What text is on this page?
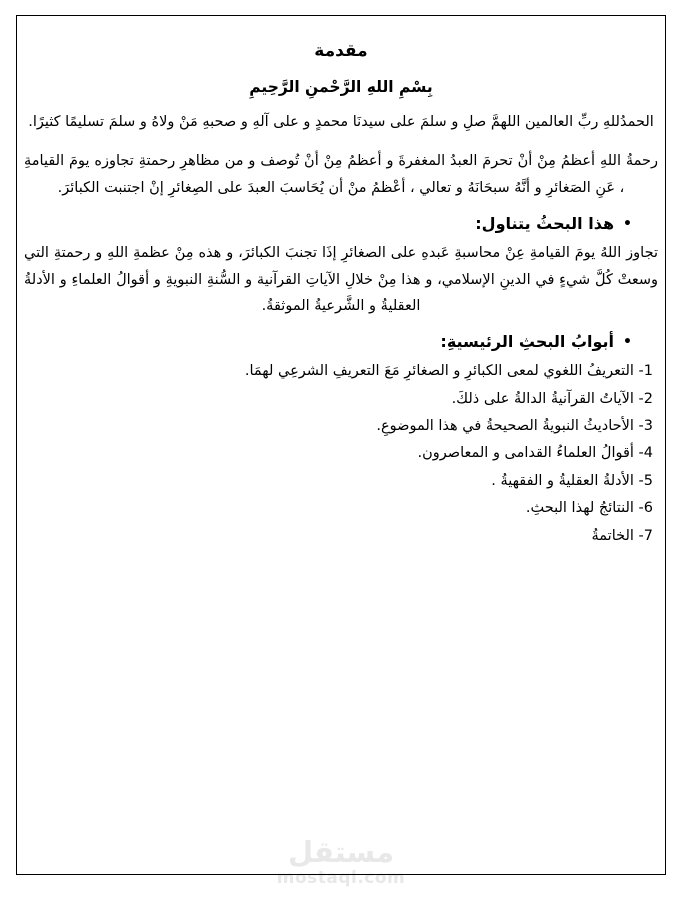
مستقل
mostaql.com
مقدمة
بِسْمِ اللهِ الرَّحْمنِ الرَّحِيمِ

الحمدُللهِ ربِّ العالمين اللهمَّ صلِ و سلمَ على سيدنَا محمدٍ و على آلهِ و صحبهِ مَنْ ولاهُ و سلمَ تسليمًا كثيرًا.

رحمةُ اللهِ أعظمُ مِنْ أنْ تحرمَ العبدُ المغفرةَ و أعظمُ مِنْ أنْ تُوصف و من مظاهرِ رحمتةِ تجاوزه يومَ القيامةِ ، عَنِ الصَغائرِ و أنَّهُ سبحَانَهُ و تعالي ، أعْظمُ منْ أن يُحَاسبَ العبدَ على الصِغائرِ إنْ اجتنبت الكبائرَ.

•
هذا البحثُ يتناول:

تجاوز اللهُ يومَ القيامةِ عِنْ محاسبةِ عَبدهِ على الصغائرِ إذَا تجنبَ الكبائرَ، و هذه مِنْ عظمةِ اللهِ و رحمتةِ التي وسعتْ كُلَّ شيءٍ في الدينِ الإسلامي، و هذا مِنْ خلالِ الآياتِ القرآنية و السُّنةِ النبويةِ و أقوالُ العلماءِ و الأدلةُ العقليةُ و الشَّرعيةُ الموثقةُ.

•
أبوابُ البحثِ الرئيسيةِ:
1- التعريفُ اللغوي لمعى الكبائرِ و الصغائرِ مَعَ التعريفِ الشرعِي لهمَا.
2- الآياتُ القرآنيةُ الدالةُ على ذلكَ.
3- الأحاديثُ النبويةُ الصحيحةُ في هذا الموضوعِ.
4- أقوالُ العلماءُ القدامى و المعاصرون.
5- الأدلةُ العقليةُ و الفقهيةُ .
6- النتائجُ لهذا البحثِ.
7- الخاتمةُ
